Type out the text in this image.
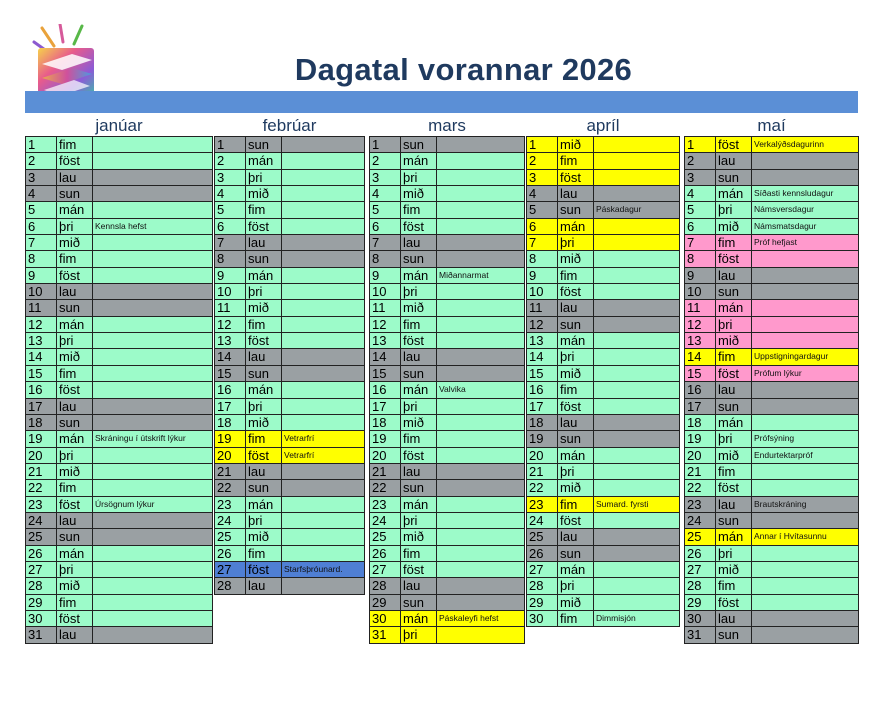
Dagatal vorannar 2026
janúar
1	fim
2	föst
3	lau
4	sun
5	mán
6	þri	Kennsla hefst
7	mið
8	fim
9	föst
10	lau
11	sun
12	mán
13	þri
14	mið
15	fim
16	föst
17	lau
18	sun
19	mán	Skráningu í útskrift lýkur
20	þri
21	mið
22	fim
23	föst	Úrsögnum lýkur
24	lau
25	sun
26	mán
27	þri
28	mið
29	fim
30	föst
31	lau
febrúar
1	sun
2	mán
3	þri
4	mið
5	fim
6	föst
7	lau
8	sun
9	mán
10	þri
11	mið
12	fim
13	föst
14	lau
15	sun
16	mán
17	þri
18	mið
19	fim	Vetrarfrí
20	föst	Vetrarfrí
21	lau
22	sun
23	mán
24	þri
25	mið
26	fim
27	föst	Starfsþróunard.
28	lau
mars
1	sun
2	mán
3	þri
4	mið
5	fim
6	föst
7	lau
8	sun
9	mán	Miðannarmat
10	þri
11	mið
12	fim
13	föst
14	lau
15	sun
16	mán	Valvika
17	þri
18	mið
19	fim
20	föst
21	lau
22	sun
23	mán
24	þri
25	mið
26	fim
27	föst
28	lau
29	sun
30	mán	Páskaleyfi hefst
31	þri
apríl
1	mið
2	fim
3	föst
4	lau
5	sun	Páskadagur
6	mán
7	þri
8	mið
9	fim
10	föst
11	lau
12	sun
13	mán
14	þri
15	mið
16	fim
17	föst
18	lau
19	sun
20	mán
21	þri
22	mið
23	fim	Sumard. fyrsti
24	föst
25	lau
26	sun
27	mán
28	þri
29	mið
30	fim	Dimmisjón
maí
1	föst	Verkalýðsdagurinn
2	lau
3	sun
4	mán	Síðasti kennsludagur
5	þri	Námsversdagur
6	mið	Námsmatsdagur
7	fim	Próf hefjast
8	föst
9	lau
10	sun
11	mán
12	þri
13	mið
14	fim	Uppstigningardagur
15	föst	Prófum lýkur
16	lau
17	sun
18	mán
19	þri	Prófsýning
20	mið	Endurtektarpróf
21	fim
22	föst
23	lau	Brautskráning
24	sun
25	mán	Annar í Hvítasunnu
26	þri
27	mið
28	fim
29	föst
30	lau
31	sun
